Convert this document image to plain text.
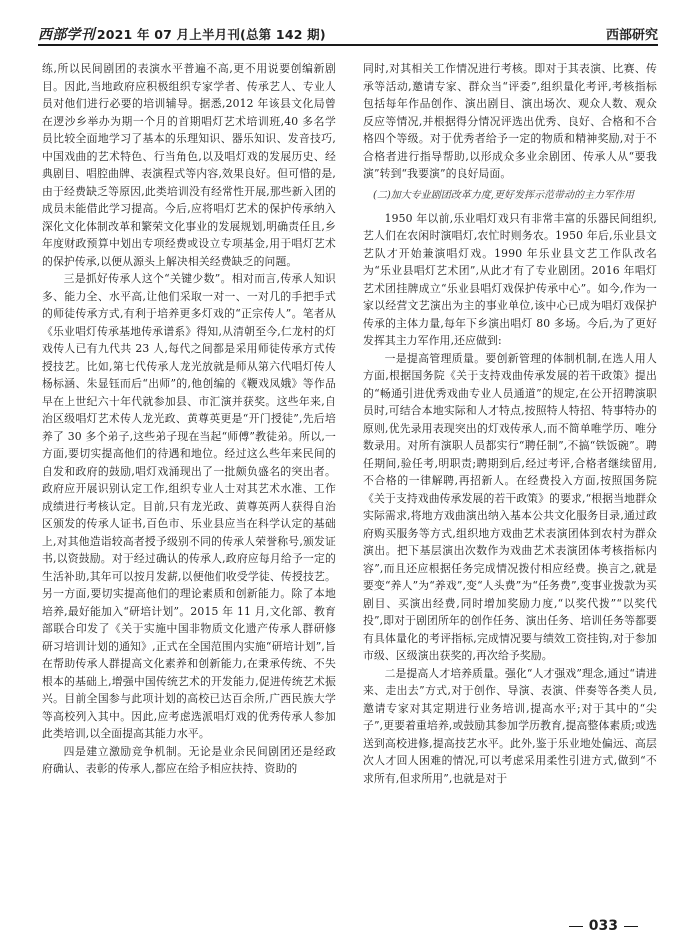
西部学刊 2021 年 07 月上半月刊(总第 142 期)	西部研究

练,所以民间剧团的表演水平普遍不高,更不用说要创编新剧目。因此,当地政府应积极组织专家学者、传承艺人、专业人员对他们进行必要的培训辅导。据悉,2012 年该县文化局曾在逻沙乡举办为期一个月的首期唱灯艺术培训班,40 多名学员比较全面地学习了基本的乐理知识、器乐知识、发音技巧,中国戏曲的艺术特色、行当角色,以及唱灯戏的发展历史、经典剧目、唱腔曲牌、表演程式等内容,效果良好。但可惜的是,由于经费缺乏等原因,此类培训没有经常性开展,那些新入团的成员未能借此学习提高。今后,应将唱灯艺术的保护传承纳入深化文化体制改革和繁荣文化事业的发展规划,明确责任且,乡年度财政预算中划出专项经费或设立专项基金,用于唱灯艺术的保护传承,以便从源头上解决相关经费缺乏的问题。

三是抓好传承人这个“关键少数”。相对而言,传承人知识多、能力全、水平高,让他们采取一对一、一对几的手把手式的师徒传承方式,有利于培养更多灯戏的“正宗传人”。笔者从《乐业唱灯传承基地传承谱系》得知,从清朝至今,仁龙村的灯戏传人已有九代共 23 人,每代之间都是采用师徒传承方式传授技艺。比如,第七代传承人龙光放就是师从第六代唱灯传人杨标涵、朱显钰而后“出师”的,他创编的《鞭戏凤娥》等作品早在上世纪六十年代就参加县、市汇演并获奖。这些年来,自治区级唱灯艺术传人龙光政、黄尊英更是“开门授徒”,先后培养了 30 多个弟子,这些弟子现在当起“师傅”教徒弟。所以,一方面,要切实提高他们的待遇和地位。经过这么些年来民间的自发和政府的鼓励,唱灯戏涌现出了一批颇负盛名的突出者。政府应开展识别认定工作,组织专业人士对其艺术水准、工作成绩进行考核认定。目前,只有龙光政、黄尊英两人获得自治区颁发的传承人证书,百色市、乐业县应当在科学认定的基础上,对其他造诣较高者授予级别不同的传承人荣誉称号,颁发证书,以资鼓励。对于经过确认的传承人,政府应每月给予一定的生活补助,其年可以按月发薪,以便他们收受学徒、传授技艺。另一方面,要切实提高他们的理论素质和创新能力。除了本地培养,最好能加入“研培计划”。2015 年 11 月,文化部、教育部联合印发了《关于实施中国非物质文化遗产传承人群研修研习培训计划的通知》,正式在全国范围内实施“研培计划”,旨在帮助传承人群提高文化素养和创新能力,在秉承传统、不失根本的基础上,增强中国传统艺术的开发能力,促进传统艺术振兴。目前全国参与此项计划的高校已达百余所,广西民族大学等高校列入其中。因此,应考虑选派唱灯戏的优秀传承人参加此类培训,以全面提高其能力水平。

四是建立激励竞争机制。无论是业余民间剧团还是经政府确认、表彰的传承人,都应在给予相应扶持、资助的

同时,对其相关工作情况进行考核。即对于其表演、比赛、传承等活动,邀请专家、群众当“评委”,组织量化考评,考核指标包括每年作品创作、演出剧目、演出场次、观众人数、观众反应等情况,并根据得分情况评选出优秀、良好、合格和不合格四个等级。对于优秀者给予一定的物质和精神奖励,对于不合格者进行指导帮助,以形成众多业余剧团、传承人从“要我演”转到“我要演”的良好局面。

(二)加大专业剧团改革力度,更好发挥示范带动的主力军作用

1950 年以前,乐业唱灯戏只有非常丰富的乐器民间组织,艺人们在农闲时演唱灯,农忙时则务农。1950 年后,乐业县文艺队才开始兼演唱灯戏。1990 年乐业县文艺工作队改名为“乐业县唱灯艺术团”,从此才有了专业剧团。2016 年唱灯艺术团挂牌成立“乐业县唱灯戏保护传承中心”。如今,作为一家以经营文艺演出为主的事业单位,该中心已成为唱灯戏保护传承的主体力量,每年下乡演出唱灯 80 多场。今后,为了更好发挥其主力军作用,还应做到:

一是提高管理质量。要创新管理的体制机制,在选人用人方面,根据国务院《关于支持戏曲传承发展的若干政策》提出的“畅通引进优秀戏曲专业人员通道”的规定,在公开招聘演职员时,可结合本地实际和人才特点,按照特人特招、特事特办的原则,优先录用表现突出的灯戏传承人,而不简单唯学历、唯分数录用。对所有演职人员都实行“聘任制”,不搞“铁饭碗”。聘任期间,验任考,明职责;聘期到后,经过考评,合格者继续留用,不合格的一律解聘,再招新人。在经费投入方面,按照国务院《关于支持戏曲传承发展的若干政策》的要求,“根据当地群众实际需求,将地方戏曲演出纳入基本公共文化服务目录,通过政府购买服务等方式,组织地方戏曲艺术表演团体到农村为群众演出。把下基层演出次数作为戏曲艺术表演团体考核指标内容”,而且还应根据任务完成情况拨付相应经费。换言之,就是要变“养人”为“养戏”,变“人头费”为“任务费”,变事业拨款为买剧目、买演出经费,同时增加奖励力度,“以奖代拨”“以奖代投”,即对于剧团所年的创作任务、演出任务、培训任务等都要有具体量化的考评指标,完成情况要与绩效工资挂钩,对于参加市级、区级演出获奖的,再次给予奖励。

二是提高人才培养质量。强化“人才强戏”理念,通过“请进来、走出去”方式,对于创作、导演、表演、伴奏等各类人员,邀请专家对其定期进行业务培训,提高水平;对于其中的“尖子”,更要着重培养,或鼓励其参加学历教育,提高整体素质;或选送到高校进修,提高技艺水平。此外,鉴于乐业地处偏远、高层次人才回人困难的情况,可以考虑采用柔性引进方式,做到“不求所有,但求所用”,也就是对于

033
